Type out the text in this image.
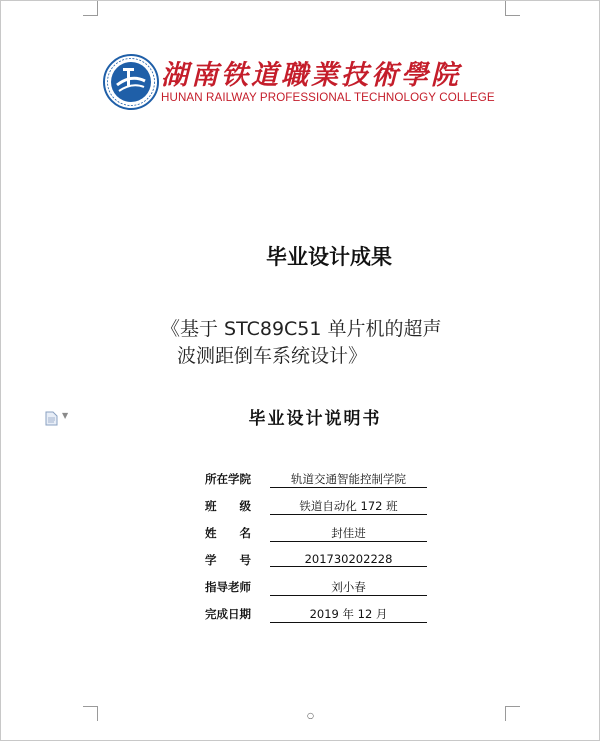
湖南铁道職業技術學院
HUNAN RAILWAY PROFESSIONAL TECHNOLOGY COLLEGE
毕业设计成果
《基于 STC89C51 单片机的超声
波测距倒车系统设计》
▼	毕业设计说明书
所在学院	轨道交通智能控制学院
班　　级	铁道自动化 172 班
姓　　名	封佳进
学　　号	201730202228
指导老师	刘小春
完成日期	2019 年 12 月
○
